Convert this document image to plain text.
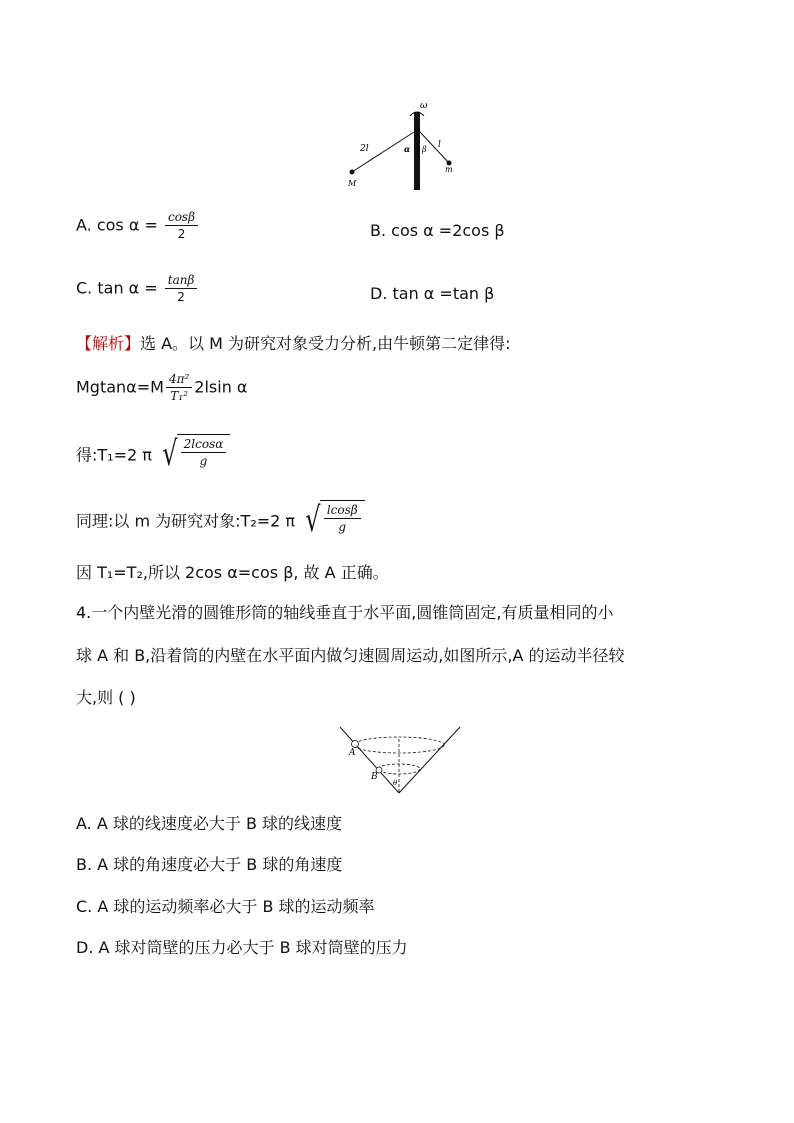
ω
2l	l
α β
M
m
A. $\cos \alpha = \frac{\cos\beta}{2}$	B. cos α =2cos β
C. $\tan \alpha = \frac{\tan\beta}{2}$	D. tan α =tan β
【解析】选 A。以 M 为研究对象受力分析,由牛顿第二定律得:
$Mgtan\alpha=M \frac{\text{4π²}}{\text{T₁²}} 2lsin$ α
得:T₁=2 π √ $\frac{2lcos\alpha}{g}$
同理:以 m 为研究对象:T₂=2 π √ $\frac{lcos\beta}{g}$
因 T₁=T₂,所以 2cos α=cos β, 故 A 正确。
4.一个内壁光滑的圆锥形筒的轴线垂直于水平面,圆锥筒固定,有质量相同的小
球 A 和 B,沿着筒的内壁在水平面内做匀速圆周运动,如图所示,A 的运动半径较
大,则 ( )
A
B
θ
A. A 球的线速度必大于 B 球的线速度
B. A 球的角速度必大于 B 球的角速度
C. A 球的运动频率必大于 B 球的运动频率
D. A 球对筒壁的压力必大于 B 球对筒壁的压力
